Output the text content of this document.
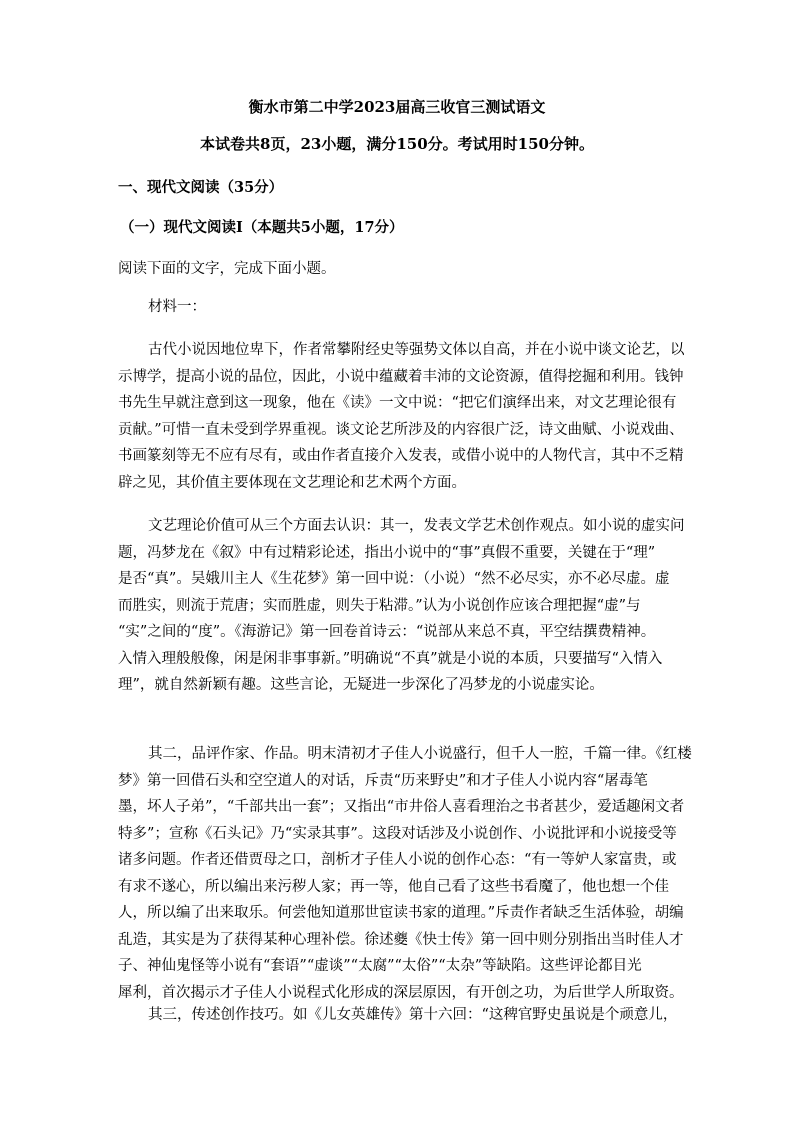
衡水市第二中学2023届高三收官三测试语文
本试卷共8页，23小题，满分150分。考试用时150分钟。
一、现代文阅读（35分）
（一）现代文阅读Ⅰ（本题共5小题，17分）
阅读下面的文字，完成下面小题。
材料一：
古代小说因地位卑下，作者常攀附经史等强势文体以自高，并在小说中谈文论艺，以
示博学，提高小说的品位，因此，小说中蕴藏着丰沛的文论资源，值得挖掘和利用。钱钟
书先生早就注意到这一现象，他在《读》一文中说：“把它们演绎出来，对文艺理论很有
贡献。”可惜一直未受到学界重视。谈文论艺所涉及的内容很广泛，诗文曲赋、小说戏曲、
书画篆刻等无不应有尽有，或由作者直接介入发表，或借小说中的人物代言，其中不乏精
辟之见，其价值主要体现在文艺理论和艺术两个方面。
文艺理论价值可从三个方面去认识：其一，发表文学艺术创作观点。如小说的虚实问
题，冯梦龙在《叙》中有过精彩论述，指出小说中的“事”真假不重要，关键在于“理”
是否“真”。吴娥川主人《生花梦》第一回中说：（小说）“然不必尽实，亦不必尽虚。虚
而胜实，则流于荒唐；实而胜虚，则失于粘滞。”认为小说创作应该合理把握“虚”与
“实”之间的“度”。《海游记》第一回卷首诗云：“说部从来总不真，平空结撰费精神。
入情入理般般像，闲是闲非事事新。”明确说“不真”就是小说的本质，只要描写“入情入
理”，就自然新颖有趣。这些言论，无疑进一步深化了冯梦龙的小说虚实论。
其二，品评作家、作品。明末清初才子佳人小说盛行，但千人一腔，千篇一律。《红楼
梦》第一回借石头和空空道人的对话，斥责“历来野史”和才子佳人小说内容“屠毒笔
墨，坏人子弟”，“千部共出一套”；又指出“市井俗人喜看理治之书者甚少，爱适趣闲文者
特多”；宣称《石头记》乃“实录其事”。这段对话涉及小说创作、小说批评和小说接受等
诸多问题。作者还借贾母之口，剖析才子佳人小说的创作心态：“有一等妒人家富贵，或
有求不遂心，所以编出来污秽人家；再一等，他自己看了这些书看魔了，他也想一个佳
人，所以编了出来取乐。何尝他知道那世宦读书家的道理。”斥责作者缺乏生活体验，胡编
乱造，其实是为了获得某种心理补偿。徐述夔《快士传》第一回中则分别指出当时佳人才
子、神仙鬼怪等小说有“套语”“虚谈”“太腐”“太俗”“太杂”等缺陷。这些评论都目光
犀利，首次揭示才子佳人小说程式化形成的深层原因，有开创之功，为后世学人所取资。
其三，传述创作技巧。如《儿女英雄传》第十六回：“这稗官野史虽说是个顽意儿，
